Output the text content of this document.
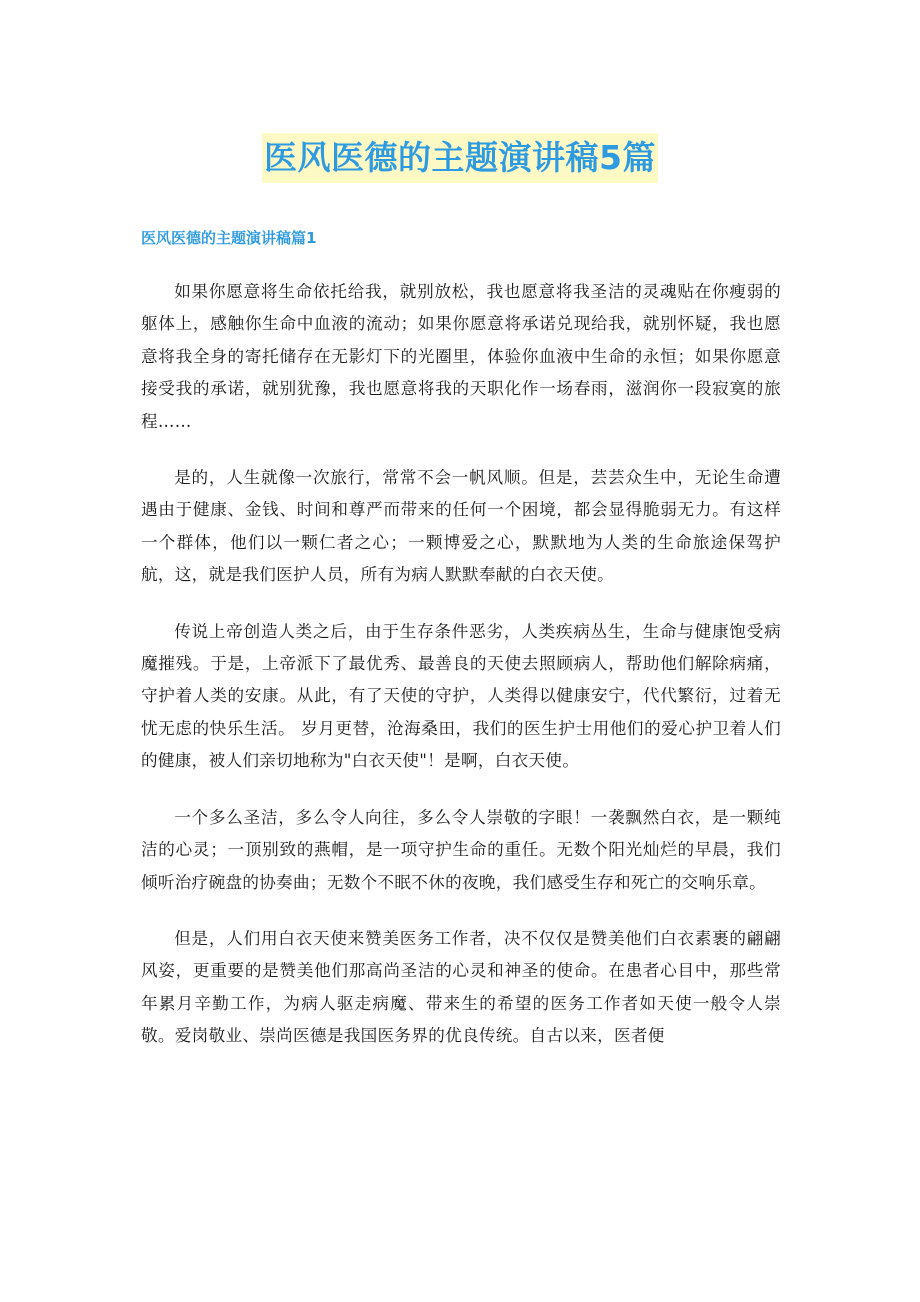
医风医德的主题演讲稿5篇
医风医德的主题演讲稿篇1

如果你愿意将生命依托给我，就别放松，我也愿意将我圣洁的灵魂贴在你瘦弱的躯体上，感触你生命中血液的流动；如果你愿意将承诺兑现给我，就别怀疑，我也愿意将我全身的寄托储存在无影灯下的光圈里，体验你血液中生命的永恒；如果你愿意接受我的承诺，就别犹豫，我也愿意将我的天职化作一场春雨，滋润你一段寂寞的旅程……

是的，人生就像一次旅行，常常不会一帆风顺。但是，芸芸众生中，无论生命遭遇由于健康、金钱、时间和尊严而带来的任何一个困境，都会显得脆弱无力。有这样一个群体，他们以一颗仁者之心；一颗博爱之心，默默地为人类的生命旅途保驾护航，这，就是我们医护人员，所有为病人默默奉献的白衣天使。

传说上帝创造人类之后，由于生存条件恶劣，人类疾病丛生，生命与健康饱受病魔摧残。于是，上帝派下了最优秀、最善良的天使去照顾病人，帮助他们解除病痛，守护着人类的安康。从此，有了天使的守护，人类得以健康安宁，代代繁衍，过着无忧无虑的快乐生活。 岁月更替，沧海桑田，我们的医生护士用他们的爱心护卫着人们的健康，被人们亲切地称为"白衣天使"！是啊，白衣天使。

一个多么圣洁，多么令人向往，多么令人崇敬的字眼！一袭飘然白衣，是一颗纯洁的心灵；一顶别致的燕帽，是一项守护生命的重任。无数个阳光灿烂的早晨，我们倾听治疗碗盘的协奏曲；无数个不眠不休的夜晚，我们感受生存和死亡的交响乐章。

但是，人们用白衣天使来赞美医务工作者，决不仅仅是赞美他们白衣素裹的翩翩风姿，更重要的是赞美他们那高尚圣洁的心灵和神圣的使命。在患者心目中，那些常年累月辛勤工作，为病人驱走病魔、带来生的希望的医务工作者如天使一般令人崇敬。爱岗敬业、崇尚医德是我国医务界的优良传统。自古以来，医者便
